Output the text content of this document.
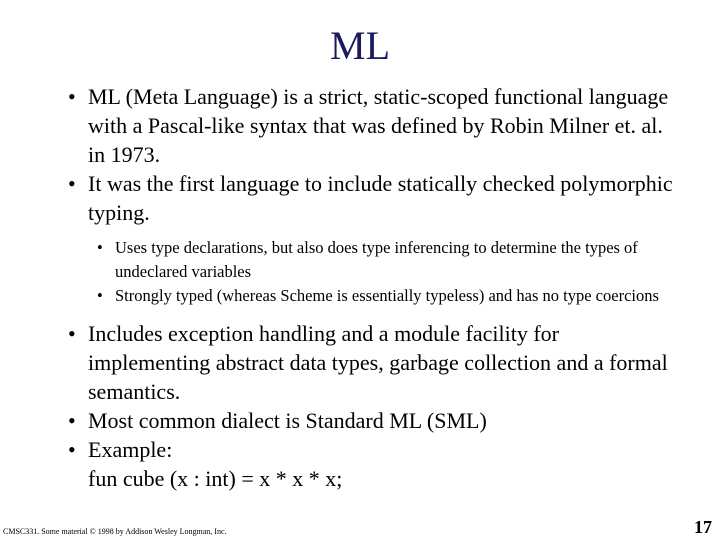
ML
• ML (Meta Language) is a strict, static-scoped functional language with a Pascal-like syntax that was defined by Robin Milner et. al. in 1973.
• It was the first language to include statically checked polymorphic typing.
• Uses type declarations, but also does type inferencing to determine the types of undeclared variables
• Strongly typed (whereas Scheme is essentially typeless) and has no type coercions
• Includes exception handling and a module facility for implementing abstract data types, garbage collection and a formal semantics.
• Most common dialect is Standard ML (SML)
• Example:
fun cube (x : int) = x * x * x;
CMSC331. Some material © 1998 by Addison Wesley Longman, Inc.	17
